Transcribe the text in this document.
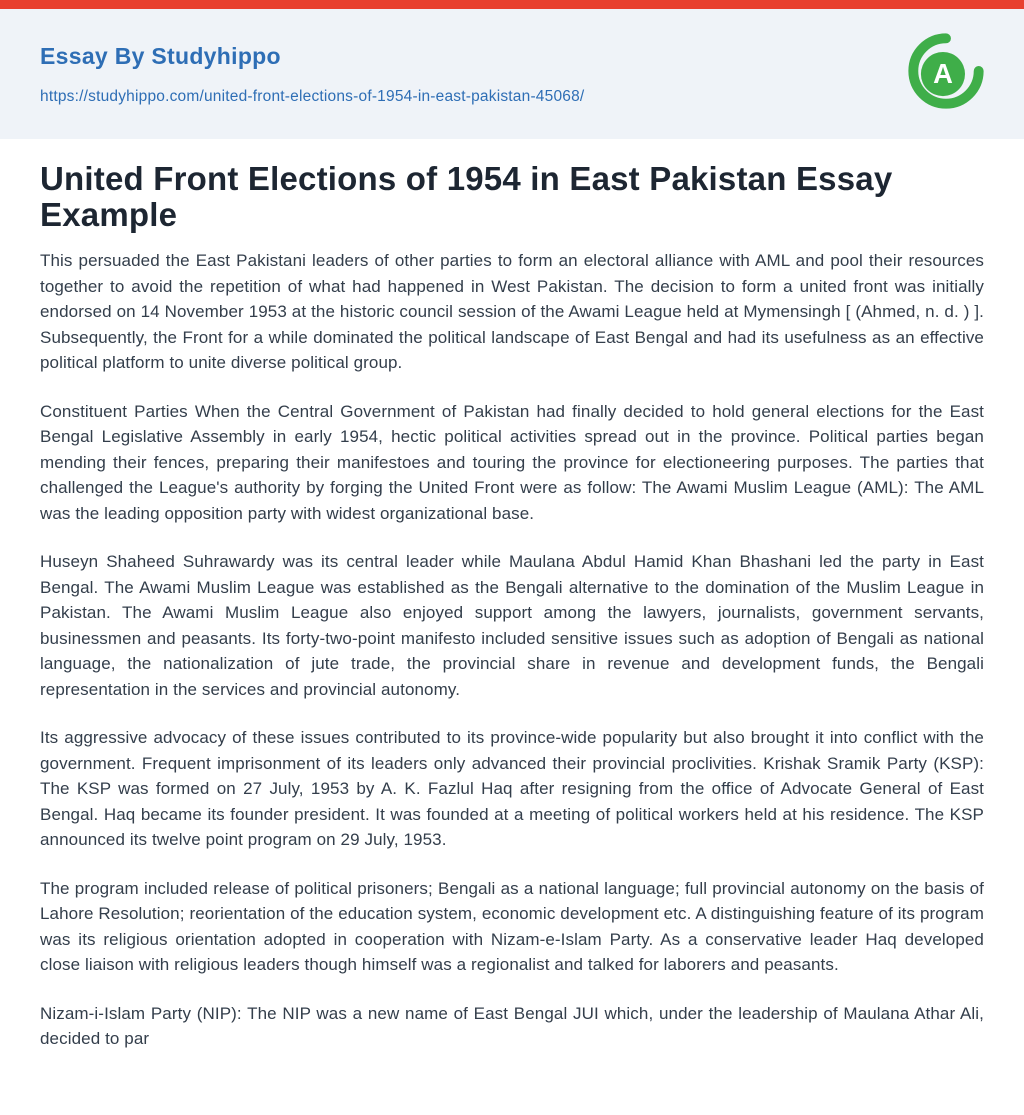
Essay By Studyhippo
https://studyhippo.com/united-front-elections-of-1954-in-east-pakistan-45068/
A
United Front Elections of 1954 in East Pakistan Essay Example

This persuaded the East Pakistani leaders of other parties to form an electoral alliance with AML and pool their resources together to avoid the repetition of what had happened in West Pakistan. The decision to form a united front was initially endorsed on 14 November 1953 at the historic council session of the Awami League held at Mymensingh [ (Ahmed, n. d. ) ]. Subsequently, the Front for a while dominated the political landscape of East Bengal and had its usefulness as an effective political platform to unite diverse political group.

Constituent Parties When the Central Government of Pakistan had finally decided to hold general elections for the East Bengal Legislative Assembly in early 1954, hectic political activities spread out in the province. Political parties began mending their fences, preparing their manifestoes and touring the province for electioneering purposes. The parties that challenged the League's authority by forging the United Front were as follow: The Awami Muslim League (AML): The AML was the leading opposition party with widest organizational base.

Huseyn Shaheed Suhrawardy was its central leader while Maulana Abdul Hamid Khan Bhashani led the party in East Bengal. The Awami Muslim League was established as the Bengali alternative to the domination of the Muslim League in Pakistan. The Awami Muslim League also enjoyed support among the lawyers, journalists, government servants, businessmen and peasants. Its forty-two-point manifesto included sensitive issues such as adoption of Bengali as national language, the nationalization of jute trade, the provincial share in revenue and development funds, the Bengali representation in the services and provincial autonomy.

Its aggressive advocacy of these issues contributed to its province-wide popularity but also brought it into conflict with the government. Frequent imprisonment of its leaders only advanced their provincial proclivities. Krishak Sramik Party (KSP): The KSP was formed on 27 July, 1953 by A. K. Fazlul Haq after resigning from the office of Advocate General of East Bengal. Haq became its founder president. It was founded at a meeting of political workers held at his residence. The KSP announced its twelve point program on 29 July, 1953.

The program included release of political prisoners; Bengali as a national language; full provincial autonomy on the basis of Lahore Resolution; reorientation of the education system, economic development etc. A distinguishing feature of its program was its religious orientation adopted in cooperation with Nizam-e-Islam Party. As a conservative leader Haq developed close liaison with religious leaders though himself was a regionalist and talked for laborers and peasants.

Nizam-i-Islam Party (NIP): The NIP was a new name of East Bengal JUI which, under the leadership of Maulana Athar Ali, decided to par
